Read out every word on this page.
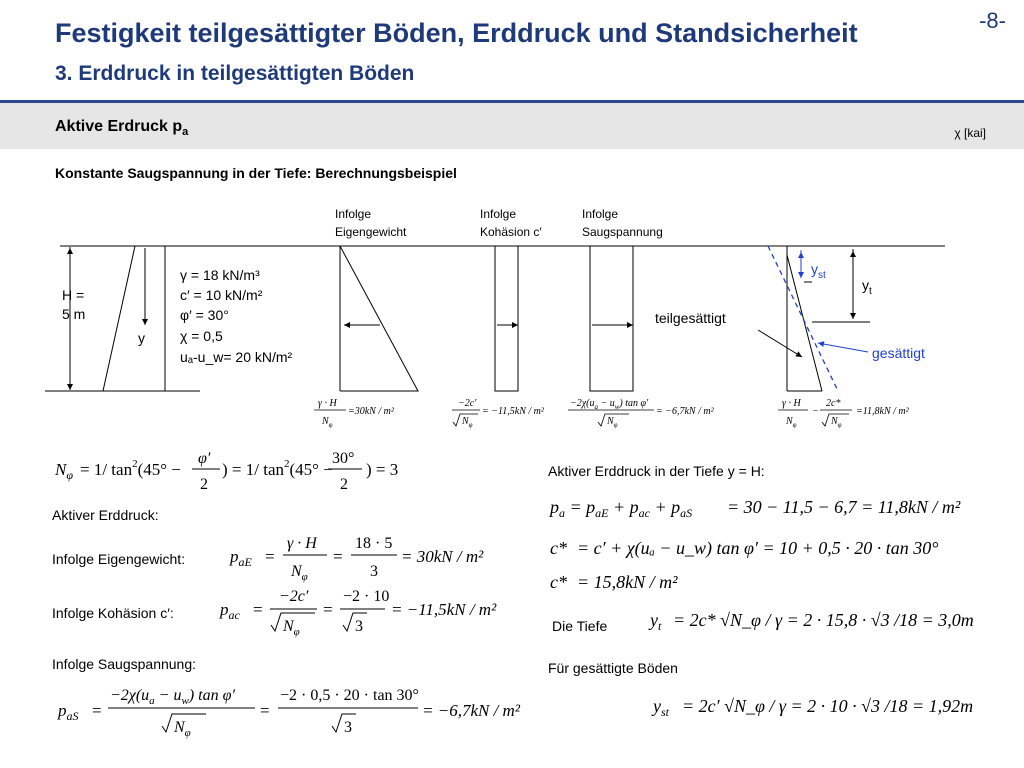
Festigkeit teilgesättigter Böden, Erddruck und Standsicherheit
3. Erddruck in teilgesättigten Böden
-8-
Aktive Erdruck $p_a$	χ [kai]
Konstante Saugspannung in der Tiefe: Berechnungsbeispiel
Infolge
Eigengewicht
Infolge
Kohäsion c′
Infolge
Saugspannung
H =
5 m
y
γ = 18 kN/m³
c′ = 10 kN/m²
φ′ = 30°
χ = 0,5
uₐ-u_w= 20 kN/m²
$y_{st}$
$y_t$
teilgesättigt
gesättigt
γ · H
$N_\varphi$
=30kN / m²
−2c′
$N_\varphi$
= −11,5kN / m²
$-2\chi(u_a - u_w)$ tan φ′
$N_\varphi$
= −6,7kN / m²
γ · H
$N_\varphi$
−
2c*
$N_\varphi$
=11,8kN / m²
$N_\varphi = 1/$ $\tan^2(45^\circ$ −
φ′
2
) = 1/ $\tan^2(45^\circ$ −
30°
2
) = 3
Aktiver Erddruck:
Infolge Eigengewicht:
Infolge Kohäsion c′:
Infolge Saugspannung:
$p_{aE}$ =
γ · H
$N_\varphi$
=
18 · 5
3
= 30kN / m²
$p_{ac}$ =
−2c′
$N_\varphi$
=
−2 · 10
3
= −11,5kN / m²
$p_{aS}$ =
$-2\chi(u_a - u_w)$ tan φ′
$N_\varphi$
=
−2 · 0,5 · 20 · tan 30°
3
= −6,7kN / m²
Aktiver Erddruck in der Tiefe y = H:
$p_a = p_{aE} + p_{ac} + p_{aS} = 30 - 11,5 - 6,7 = 11,8kN / m^2$
c* = c′ + χ(uₐ − u_w) tan φ′ = 10 + 0,5 · 20 · tan 30°
c* = 15,8kN / m²
Die Tiefe $y_t = 2c*$ √N_φ / γ = 2 · 15,8 · √3 /18 = 3,0m
Für gesättigte Böden
$y_{st} = 2c'$ √N_φ / γ = 2 · 10 · √3 /18 = 1,92m
